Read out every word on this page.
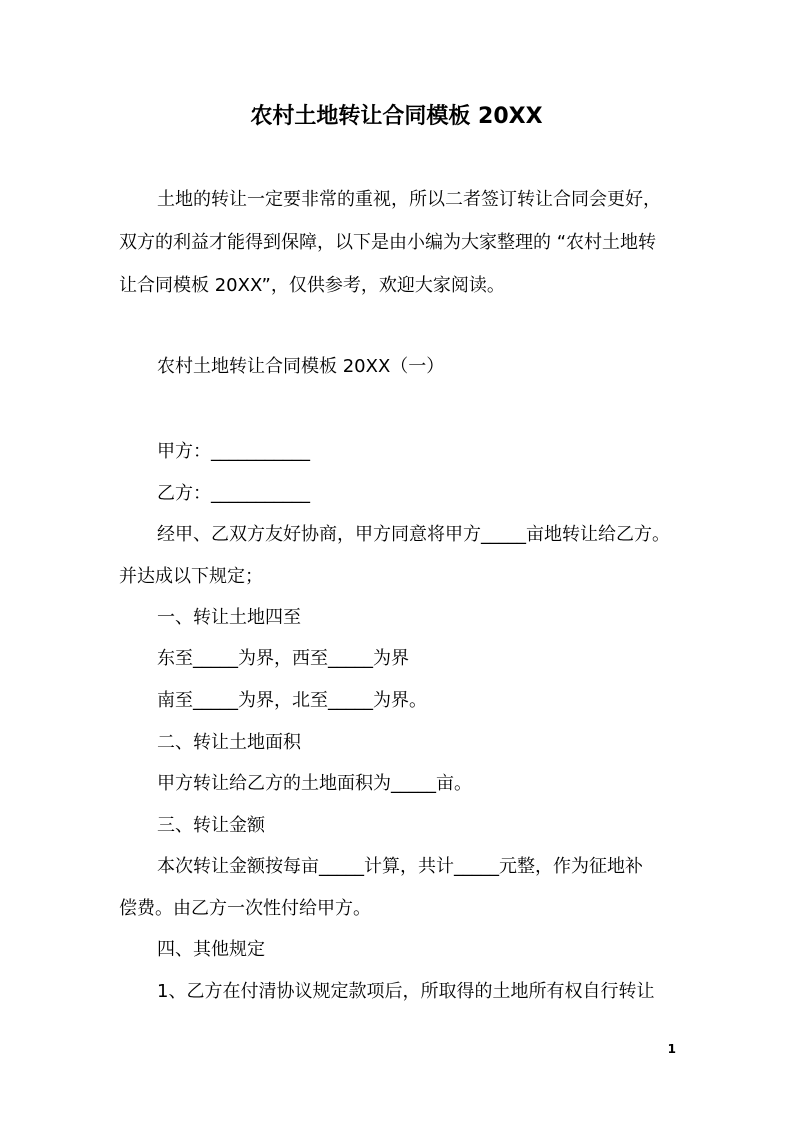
农村土地转让合同模板 20XX

土地的转让一定要非常的重视，所以二者签订转让合同会更好，

双方的利益才能得到保障，以下是由小编为大家整理的 “农村土地转

让合同模板 20XX”，仅供参考，欢迎大家阅读。

农村土地转让合同模板 20XX（一）

甲方：___________

乙方：___________

经甲、乙双方友好协商，甲方同意将甲方_____亩地转让给乙方。

并达成以下规定；

一、转让土地四至

东至_____为界，西至_____为界

南至_____为界，北至_____为界。

二、转让土地面积

甲方转让给乙方的土地面积为_____亩。

三、转让金额

本次转让金额按每亩_____计算，共计_____元整，作为征地补

偿费。由乙方一次性付给甲方。

四、其他规定

1、乙方在付清协议规定款项后，所取得的土地所有权自行转让

1
